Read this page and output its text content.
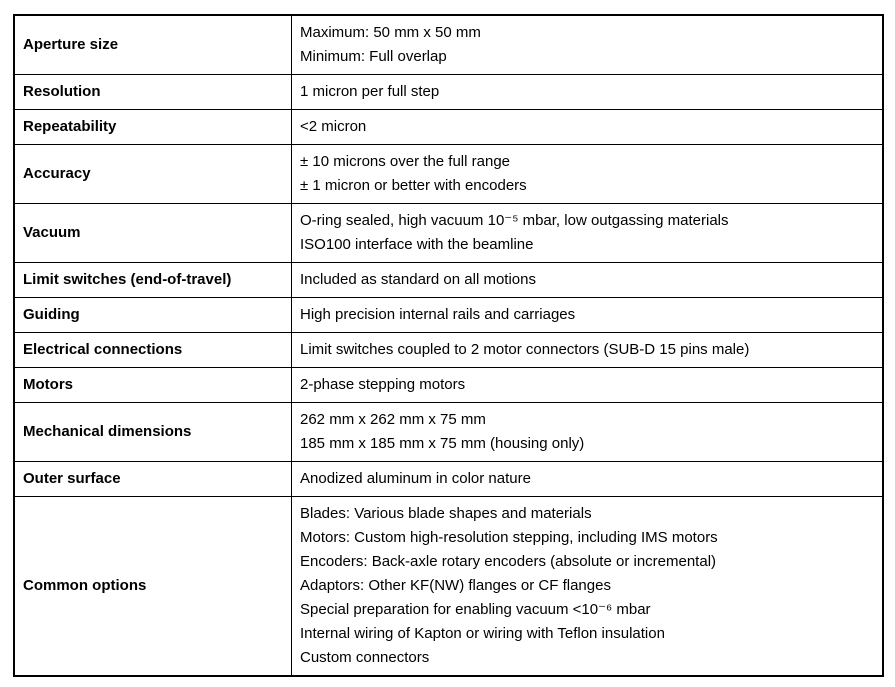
Aperture size	Maximum: 50 mm x 50 mm
Minimum: Full overlap

Resolution	1 micron per full step

Repeatability	<2 micron

Accuracy	± 10 microns over the full range
± 1 micron or better with encoders

Vacuum	O-ring sealed, high vacuum 10⁻⁵ mbar, low outgassing materials
ISO100 interface with the beamline

Limit switches (end-of-travel)	Included as standard on all motions

Guiding	High precision internal rails and carriages

Electrical connections	Limit switches coupled to 2 motor connectors (SUB-D 15 pins male)

Motors	2-phase stepping motors

Mechanical dimensions	262 mm x 262 mm x 75 mm
185 mm x 185 mm x 75 mm (housing only)

Outer surface	Anodized aluminum in color nature

Common options	
Blades: Various blade shapes and materials
Motors: Custom high-resolution stepping, including IMS motors
Encoders: Back-axle rotary encoders (absolute or incremental)
Adaptors: Other KF(NW) flanges or CF flanges
Special preparation for enabling vacuum <10⁻⁶ mbar
Internal wiring of Kapton or wiring with Teflon insulation
Custom connectors
